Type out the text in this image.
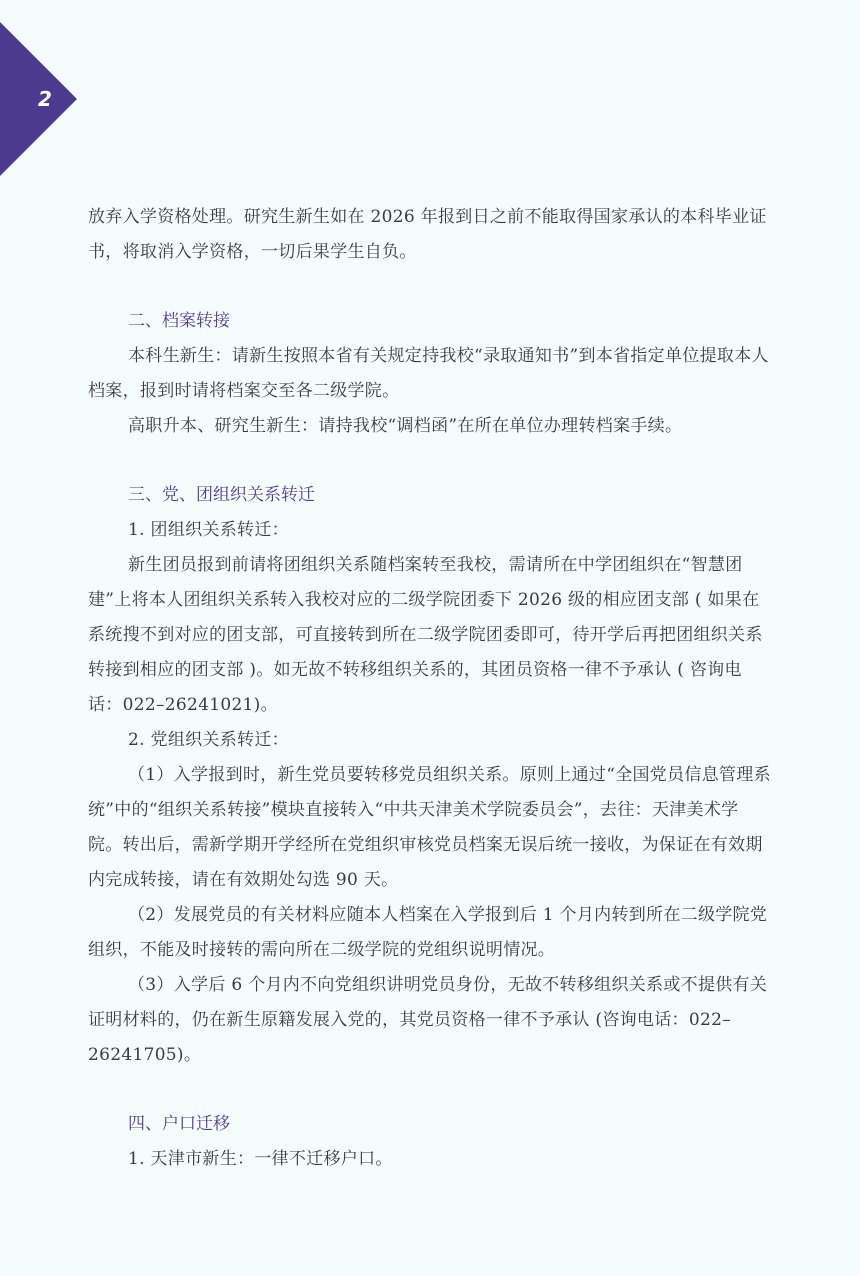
2

放弃入学资格处理。研究生新生如在 2026 年报到日之前不能取得国家承认的本科毕业证书，将取消入学资格，一切后果学生自负。

二、档案转接

本科生新生：请新生按照本省有关规定持我校“录取通知书”到本省指定单位提取本人档案，报到时请将档案交至各二级学院。

高职升本、研究生新生：请持我校“调档函”在所在单位办理转档案手续。

三、党、团组织关系转迁

1. 团组织关系转迁：

新生团员报到前请将团组织关系随档案转至我校，需请所在中学团组织在“智慧团建”上将本人团组织关系转入我校对应的二级学院团委下 2026 级的相应团支部 ( 如果在系统搜不到对应的团支部，可直接转到所在二级学院团委即可，待开学后再把团组织关系转接到相应的团支部 )。如无故不转移组织关系的，其团员资格一律不予承认 ( 咨询电话：022–26241021)。

2. 党组织关系转迁：

（1）入学报到时，新生党员要转移党员组织关系。原则上通过“全国党员信息管理系统”中的“组织关系转接”模块直接转入“中共天津美术学院委员会”，去往：天津美术学院。转出后，需新学期开学经所在党组织审核党员档案无误后统一接收，为保证在有效期内完成转接，请在有效期处勾选 90 天。

（2）发展党员的有关材料应随本人档案在入学报到后 1 个月内转到所在二级学院党组织，不能及时接转的需向所在二级学院的党组织说明情况。

（3）入学后 6 个月内不向党组织讲明党员身份，无故不转移组织关系或不提供有关证明材料的，仍在新生原籍发展入党的，其党员资格一律不予承认 (咨询电话：022–26241705)。

四、户口迁移

1. 天津市新生：一律不迁移户口。
